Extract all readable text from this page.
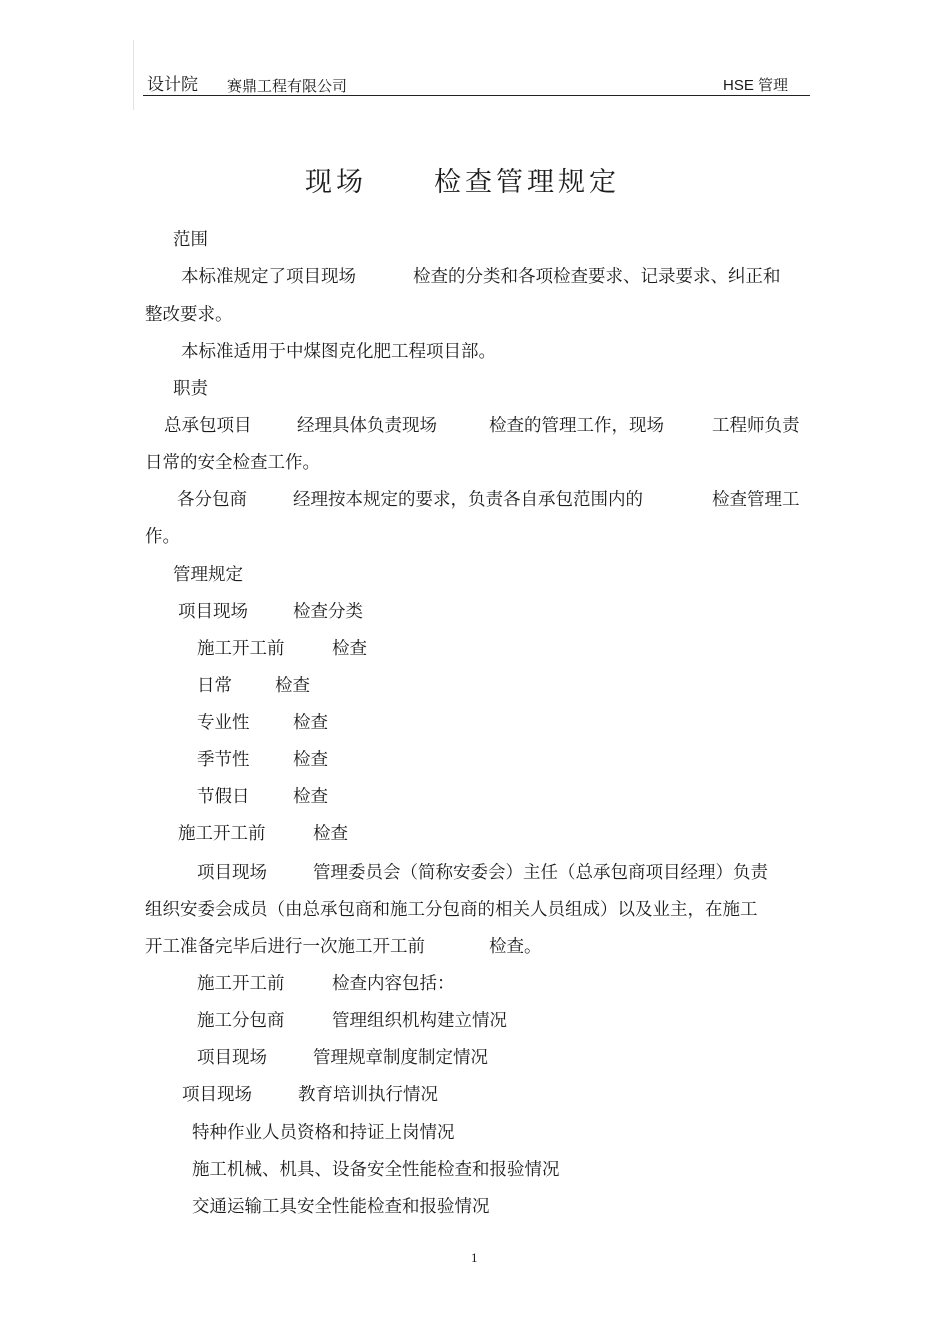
设计院 赛鼎工程有限公司	HSE 管理
现场 检查管理规定
范围
本标准规定了项目现场	检查的分类和各项检查要求、记录要求、纠正和
整改要求。
本标准适用于中煤图克化肥工程项目部。
职责
总承包项目	经理具体负责现场	检查的管理工作，现场	工程师负责
日常的安全检查工作。
各分包商	经理按本规定的要求，负责各自承包范围内的	检查管理工
作。
管理规定
项目现场	检查分类
施工开工前	检查
日常 检查
专业性 检查
季节性 检查
节假日 检查
施工开工前	检查
项目现场	管理委员会（简称安委会）主任（总承包商项目经理）负责
组织安委会成员（由总承包商和施工分包商的相关人员组成）以及业主，在施工
开工准备完毕后进行一次施工开工前	检查。
施工开工前	检查内容包括：
施工分包商	管理组织机构建立情况
项目现场	管理规章制度制定情况
项目现场	教育培训执行情况
特种作业人员资格和持证上岗情况
施工机械、机具、设备安全性能检查和报验情况
交通运输工具安全性能检查和报验情况
1
